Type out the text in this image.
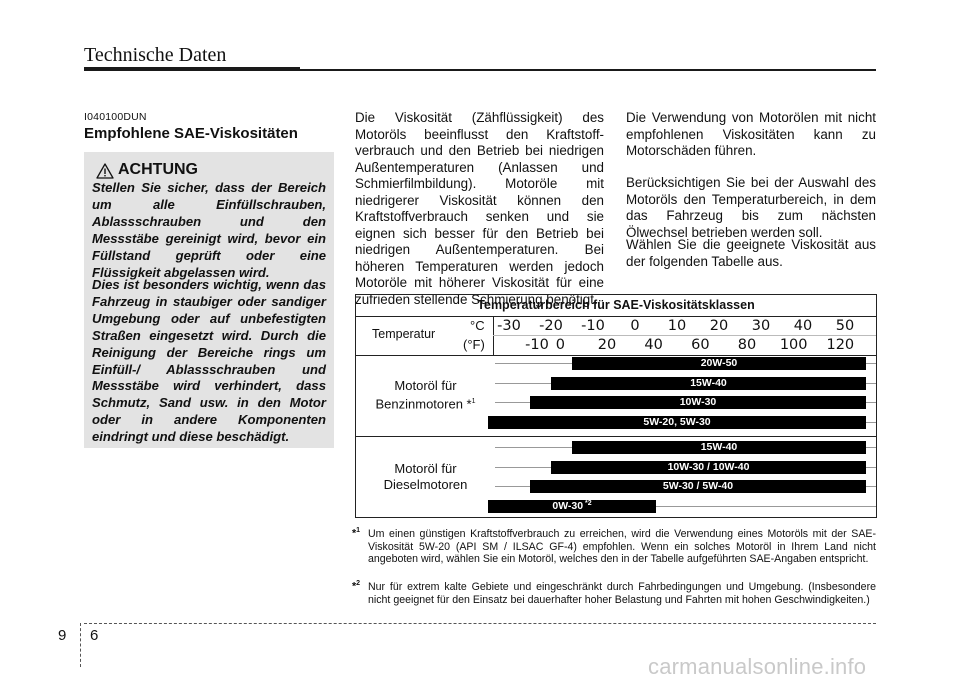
Technische Daten
I040100DUN
Empfohlene SAE-Viskositäten
ACHTUNG

Stellen Sie sicher, dass der Bereich um alle Einfüllschrauben, Ablassschrauben und den Messstäbe gereinigt wird, bevor ein Füllstand geprüft oder eine Flüssigkeit abgelassen wird.

Dies ist besonders wichtig, wenn das Fahrzeug in staubiger oder sandiger Umgebung oder auf unbefestigten Straßen eingesetzt wird. Durch die Reinigung der Bereiche rings um Einfüll-/ Ablassschrauben und Messstäbe wird verhindert, dass Schmutz, Sand usw. in den Motor oder in andere Komponenten eindringt und diese beschädigt.

Die Viskosität (Zähflüssigkeit) des Motoröls beeinflusst den Kraftstoff-verbrauch und den Betrieb bei niedrigen Außentemperaturen (Anlassen und Schmierfilmbildung). Motoröle mit niedrigerer Viskosität können den Kraftstoffverbrauch senken und sie eignen sich besser für den Betrieb bei niedrigen Außentemperaturen. Bei höheren Temperaturen werden jedoch Motoröle mit höherer Viskosität für eine zufrieden stellende Schmierung benötigt.

Die Verwendung von Motorölen mit nicht empfohlenen Viskositäten kann zu Motorschäden führen.

Berücksichtigen Sie bei der Auswahl des Motoröls den Temperaturbereich, in dem das Fahrzeug bis zum nächsten Ölwechsel betrieben werden soll.

Wählen Sie die geeignete Viskosität aus der folgenden Tabelle aus.

Temperaturbereich für SAE-Viskositätsklassen
Temperatur
°C
(°F)
-30 -20 -10 0 10 20 30 40 50
-10 0 20 40 60 80 100 120
Motoröl für
Benzinmotoren *$^1$
Motoröl für
Dieselmotoren
20W-50
15W-40
10W-30
5W-20, 5W-30
15W-40
10W-30 / 10W-40
5W-30 / 5W-40
0W-30 $^{*2}$
*$^1$ Um einen günstigen Kraftstoffverbrauch zu erreichen, wird die Verwendung eines Motoröls mit der SAE-Viskosität 5W-20 (API SM / ILSAC GF-4) empfohlen. Wenn ein solches Motoröl in Ihrem Land nicht angeboten wird, wählen Sie ein Motoröl, welches den in der Tabelle aufgeführten SAE-Angaben entspricht.

*$^2$ Nur für extrem kalte Gebiete und eingeschränkt durch Fahrbedingungen und Umgebung. (Insbesondere nicht geeignet für den Einsatz bei dauerhafter hoher Belastung und Fahrten mit hohen Geschwindigkeiten.)

9 6
carmanualsonline.info
